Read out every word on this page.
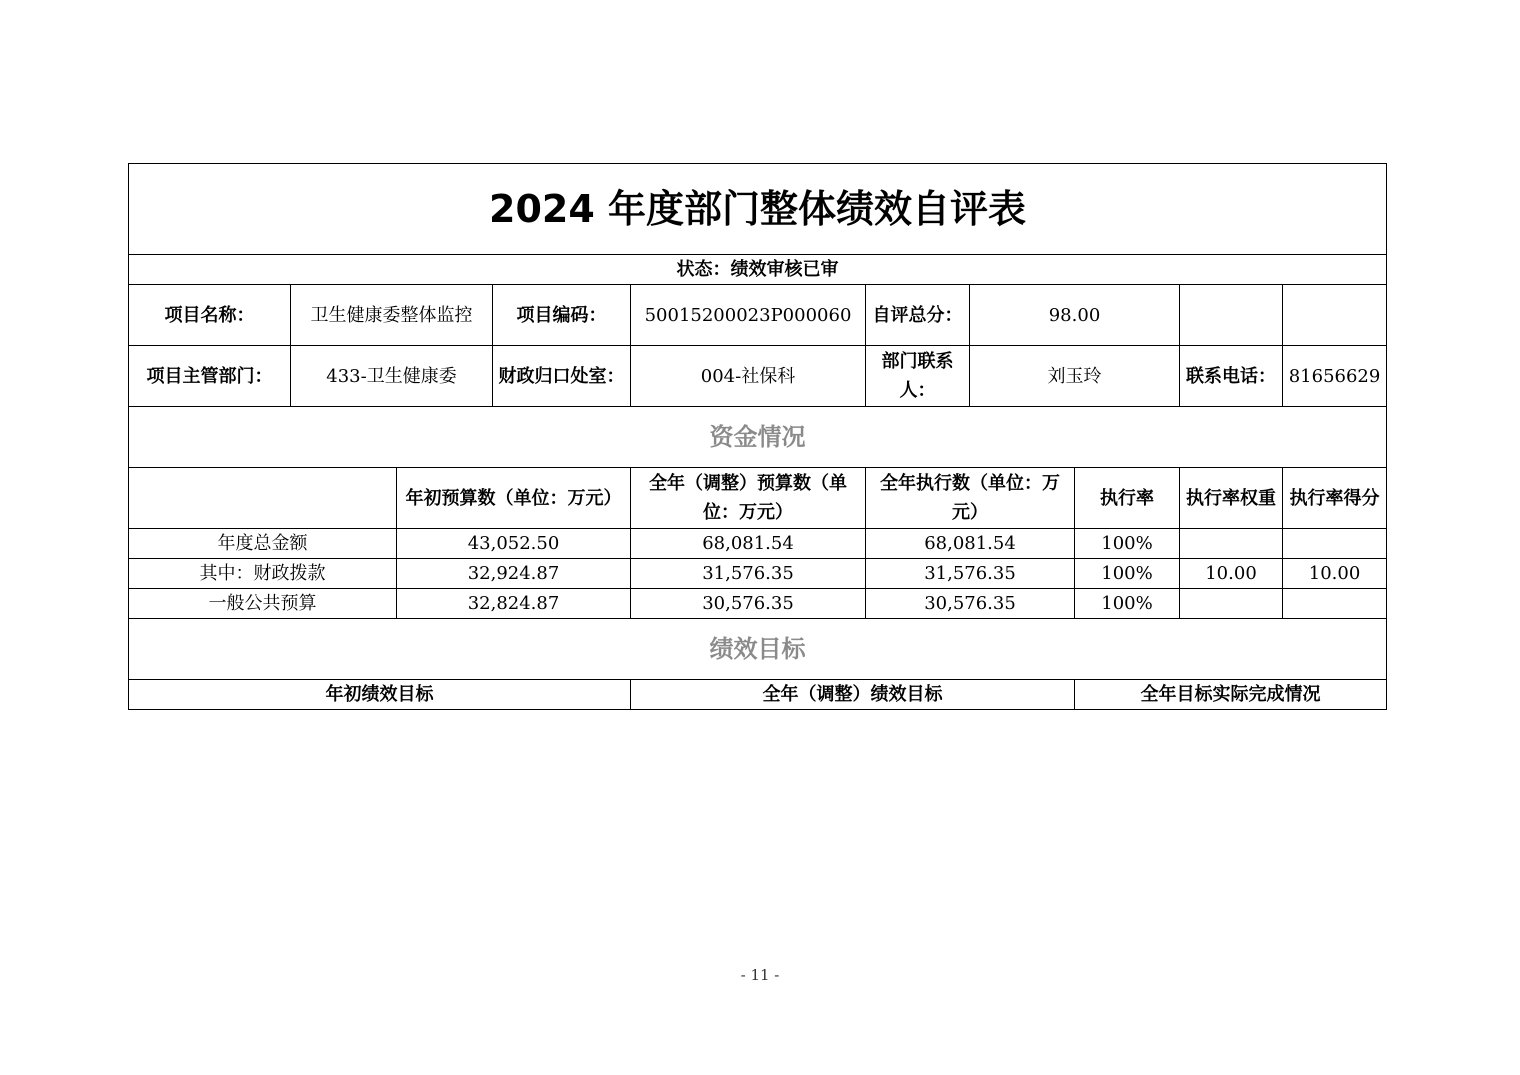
2024 年度部门整体绩效自评表									
状态：绩效审核已审									
项目名称：	卫生健康委整体监控		项目编码：	50015200023P000060	自评总分：	98.00			
项目主管部门：	433-卫生健康委		财政归口处室：	004-社保科	部门联系人：	刘玉玲		联系电话：	81656629
资金情况									
		年初预算数（单位：万元）		全年（调整）预算数（单位：万元）	全年执行数（单位：万元）		执行率	执行率权重	执行率得分
年度总金额		43,052.50		68,081.54	68,081.54		100%		
其中：财政拨款		32,924.87		31,576.35	31,576.35		100%	10.00	10.00
一般公共预算		32,824.87		30,576.35	30,576.35		100%		
绩效目标									
年初绩效目标				全年（调整）绩效目标			全年目标实际完成情况		
- 11 -
